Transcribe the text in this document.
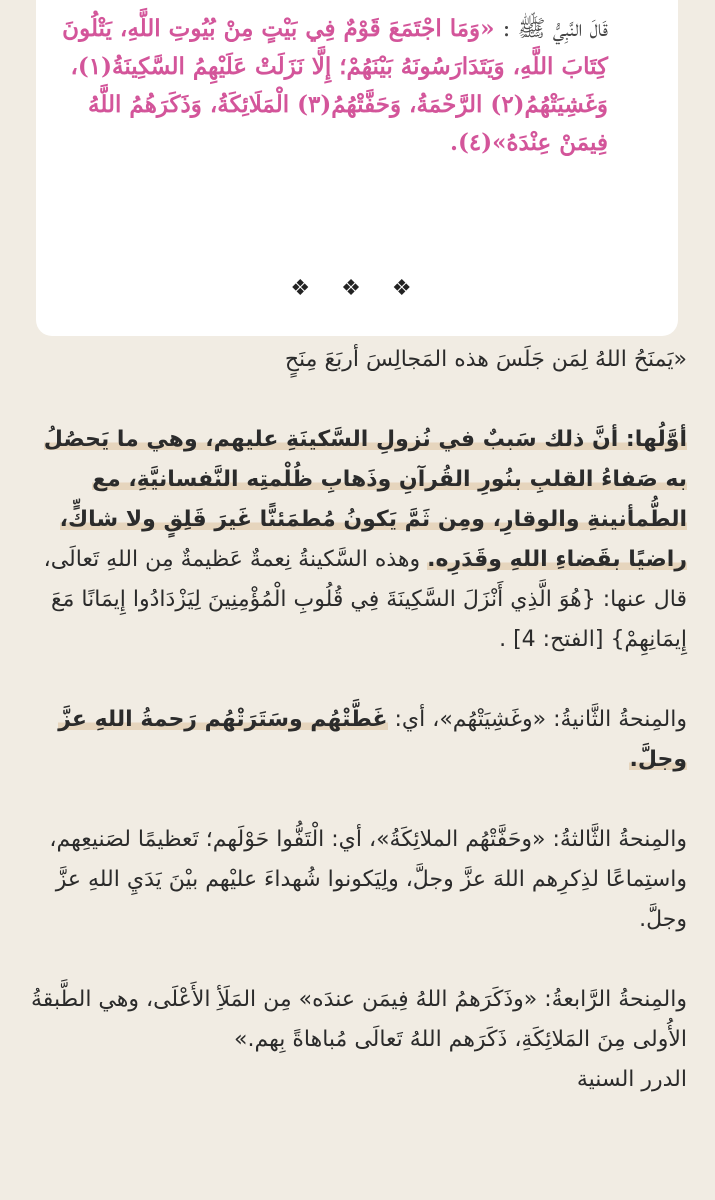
قَالَ النَّبِيُّ ﷺ : «وَمَا اجْتَمَعَ قَوْمٌ فِي بَيْتٍ مِنْ بُيُوتِ اللَّهِ، يَتْلُونَ كِتَابَ اللَّهِ، وَيَتَدَارَسُونَهُ بَيْنَهُمْ؛ إِلَّا نَزَلَتْ عَلَيْهِمُ السَّكِينَةُ(١)، وَغَشِيَتْهُمُ(٢) الرَّحْمَةُ، وَحَفَّتْهُمُ(٣) الْمَلَائِكَةُ، وَذَكَرَهُمُ اللَّهُ فِيمَنْ عِنْدَهُ»(٤).
❖ ❖ ❖

«يَمنَحُ اللهُ لِمَن جَلَسَ هذه المَجالِسَ أربَعَ مِنَحٍ

أوَّلُها: أنَّ ذلك سَببٌ في نُزولِ السَّكينَةِ عليهم، وهي ما يَحصُلُ به صَفاءُ القلبِ بنُورِ القُرآنِ وذَهابِ ظُلْمتِه النَّفسانيَّةِ، مع الطُّمأنينةِ والوقارِ، ومِن ثَمَّ يَكونُ مُطمَئنًّا غَيرَ قَلِقٍ ولا شاكٍّ، راضيًا بقَضاءِ اللهِ وقَدَرِه. وهذه السَّكينةُ نِعمةٌ عَظيمةٌ مِن اللهِ تَعالَى، قال عنها: {هُوَ الَّذِي أَنْزَلَ السَّكِينَةَ فِي قُلُوبِ الْمُؤْمِنِينَ لِيَزْدَادُوا إِيمَانًا مَعَ إِيمَانِهِمْ} [الفتح: 4] .

والمِنحةُ الثَّانيةُ: «وغَشِيَتْهُم»، أي: غَطَّتْهُم وسَتَرَتْهُم رَحمةُ اللهِ عزَّ وجلَّ.

والمِنحةُ الثَّالثةُ: «وحَفَّتْهُم الملائِكَةُ»، أي: الْتَفُّوا حَوْلَهم؛ تَعظيمًا لصَنيعِهم، واستِماعًا لذِكرِهم اللهَ عزَّ وجلَّ، ولِيَكونوا شُهداءَ عليْهم بيْنَ يَدَيِ اللهِ عزَّ وجلَّ.

والمِنحةُ الرَّابعةُ: «وذَكَرَهمُ اللهُ فِيمَن عندَه» مِن المَلَأِ الأَعْلَى، وهي الطَّبقةُ الأُولى مِنَ المَلائِكَةِ، ذَكَرَهم اللهُ تَعالَى مُباهاةً بِهم.»

الدرر السنية
